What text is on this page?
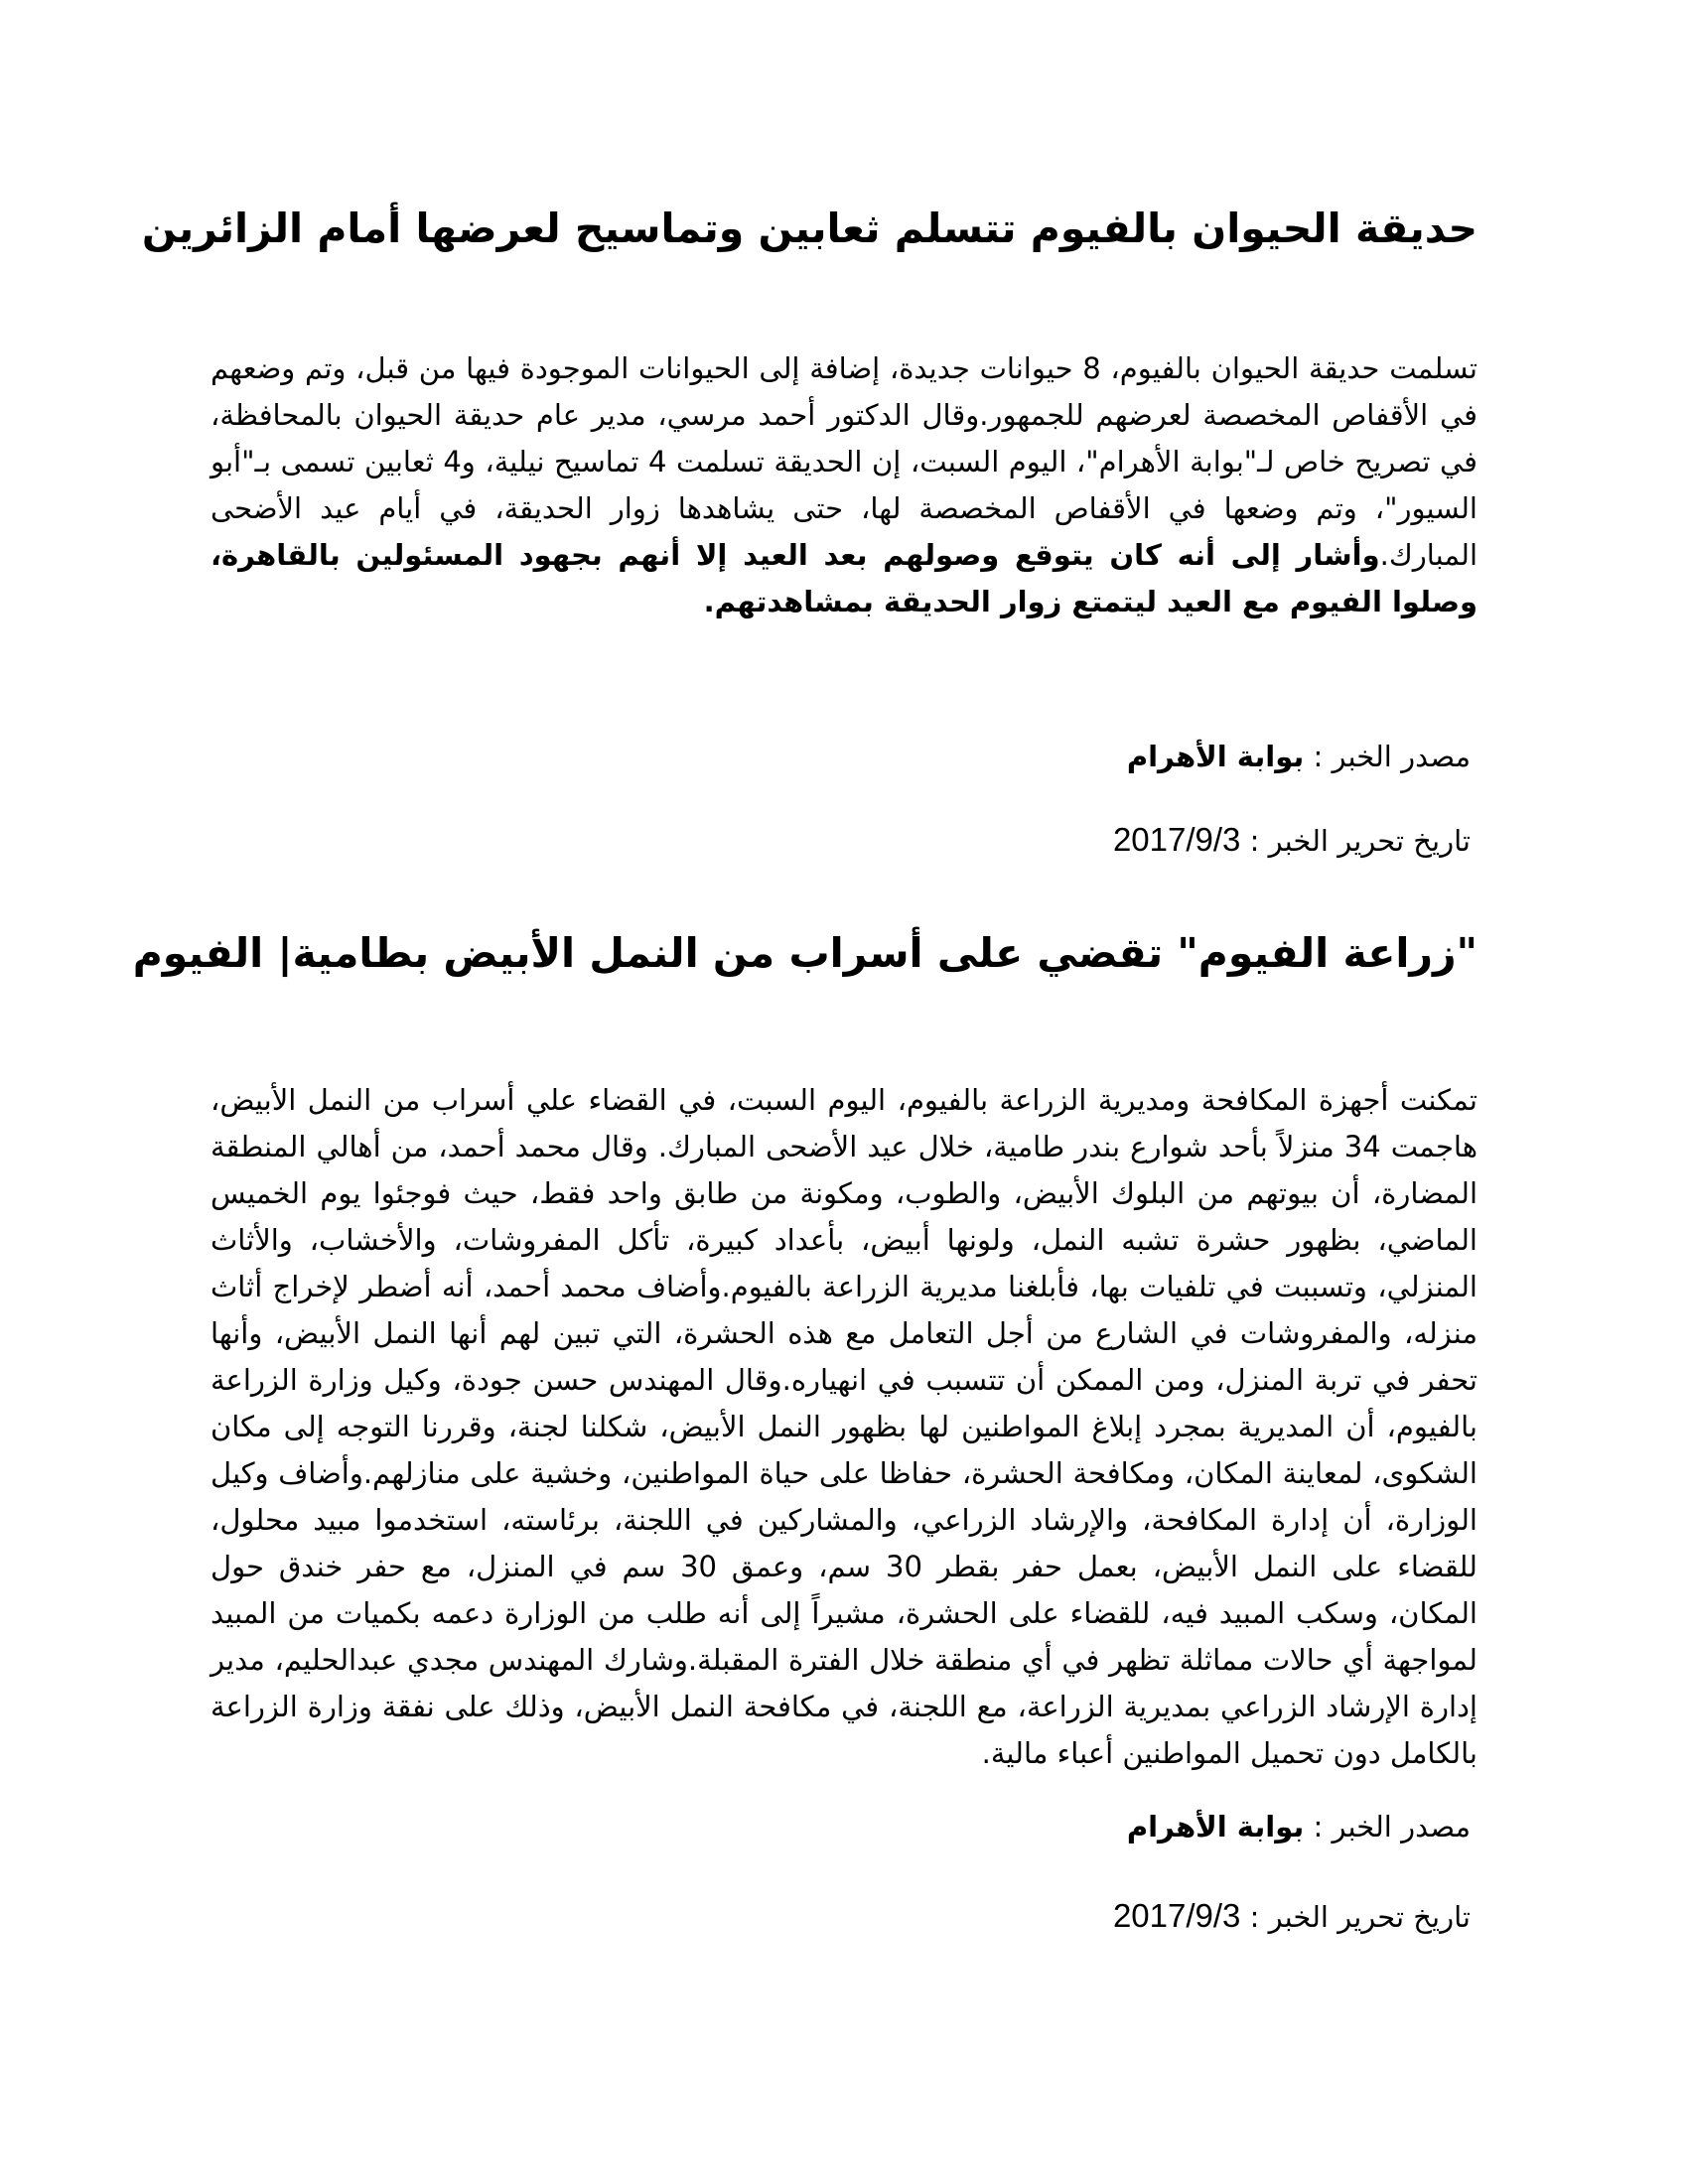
حديقة الحيوان بالفيوم تتسلم ثعابين وتماسيح لعرضها أمام الزائرين

تسلمت حديقة الحيوان بالفيوم، 8 حيوانات جديدة، إضافة إلى الحيوانات الموجودة فيها من قبل، وتم وضعهم في الأقفاص المخصصة لعرضهم للجمهور.وقال الدكتور أحمد مرسي، مدير عام حديقة الحيوان بالمحافظة، في تصريح خاص لـ"بوابة الأهرام"، اليوم السبت، إن الحديقة تسلمت 4 تماسيح نيلية، و4 ثعابين تسمى بـ"أبو السيور"، وتم وضعها في الأقفاص المخصصة لها، حتى يشاهدها زوار الحديقة، في أيام عيد الأضحى المبارك.وأشار إلى أنه كان يتوقع وصولهم بعد العيد إلا أنهم بجهود المسئولين بالقاهرة، وصلوا الفيوم مع العيد ليتمتع زوار الحديقة بمشاهدتهم.

مصدر الخبر : بوابة الأهرام

تاريخ تحرير الخبر : 2017/9/3

"زراعة الفيوم" تقضي على أسراب من النمل الأبيض بطامية| الفيوم

تمكنت أجهزة المكافحة ومديرية الزراعة بالفيوم، اليوم السبت، في القضاء علي أسراب من النمل الأبيض، هاجمت 34 منزلاً بأحد شوارع بندر طامية، خلال عيد الأضحى المبارك. وقال محمد أحمد، من أهالي المنطقة المضارة، أن بيوتهم من البلوك الأبيض، والطوب، ومكونة من طابق واحد فقط، حيث فوجئوا يوم الخميس الماضي، بظهور حشرة تشبه النمل، ولونها أبيض، بأعداد كبيرة، تأكل المفروشات، والأخشاب، والأثاث المنزلي، وتسببت في تلفيات بها، فأبلغنا مديرية الزراعة بالفيوم.وأضاف محمد أحمد، أنه أضطر لإخراج أثاث منزله، والمفروشات في الشارع من أجل التعامل مع هذه الحشرة، التي تبين لهم أنها النمل الأبيض، وأنها تحفر في تربة المنزل، ومن الممكن أن تتسبب في انهياره.وقال المهندس حسن جودة، وكيل وزارة الزراعة بالفيوم، أن المديرية بمجرد إبلاغ المواطنين لها بظهور النمل الأبيض، شكلنا لجنة، وقررنا التوجه إلى مكان الشكوى، لمعاينة المكان، ومكافحة الحشرة، حفاظا على حياة المواطنين، وخشية على منازلهم.وأضاف وكيل الوزارة، أن إدارة المكافحة، والإرشاد الزراعي، والمشاركين في اللجنة، برئاسته، استخدموا مبيد محلول، للقضاء على النمل الأبيض، بعمل حفر بقطر 30 سم، وعمق 30 سم في المنزل، مع حفر خندق حول المكان، وسكب المبيد فيه، للقضاء على الحشرة، مشيراً إلى أنه طلب من الوزارة دعمه بكميات من المبيد لمواجهة أي حالات مماثلة تظهر في أي منطقة خلال الفترة المقبلة.وشارك المهندس مجدي عبدالحليم، مدير إدارة الإرشاد الزراعي بمديرية الزراعة، مع اللجنة، في مكافحة النمل الأبيض، وذلك على نفقة وزارة الزراعة بالكامل دون تحميل المواطنين أعباء مالية.

مصدر الخبر : بوابة الأهرام

تاريخ تحرير الخبر : 2017/9/3
